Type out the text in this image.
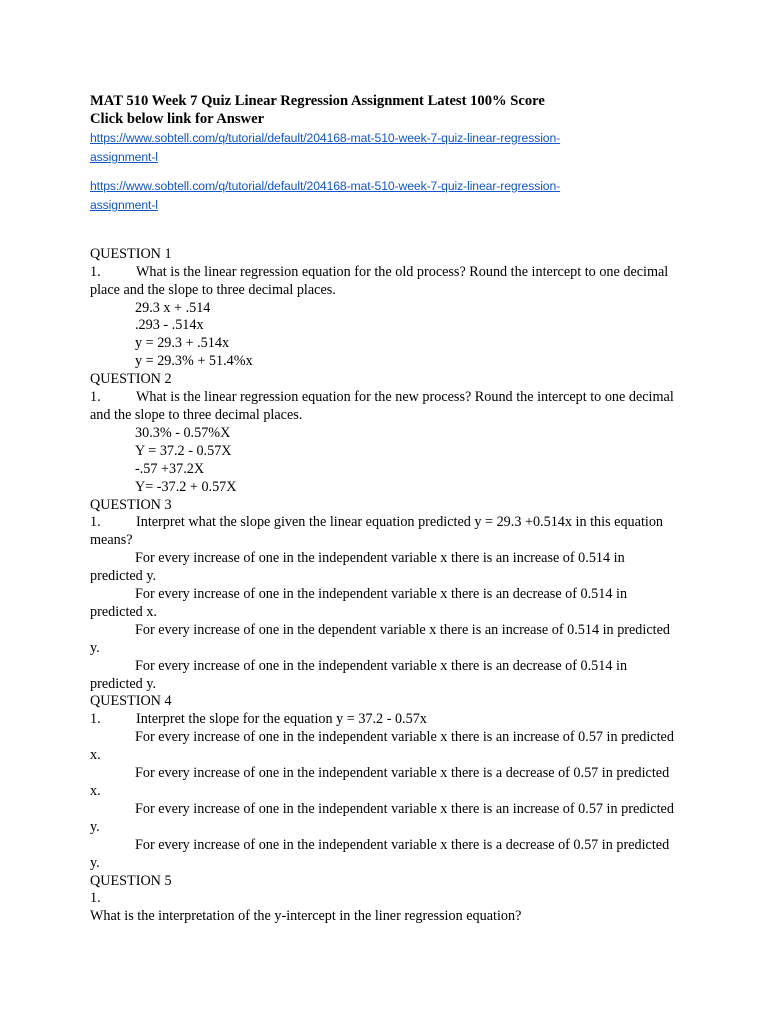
MAT 510 Week 7 Quiz Linear Regression Assignment Latest 100% Score

Click below link for Answer

https://www.sobtell.com/q/tutorial/default/204168-mat-510-week-7-quiz-linear-regression-
assignment-l
https://www.sobtell.com/q/tutorial/default/204168-mat-510-week-7-quiz-linear-regression-
assignment-l

QUESTION 1

1. What is the linear regression equation for the old process? Round the intercept to one decimal place and the slope to three decimal places.

29.3 x + .514

.293 - .514x

y = 29.3 + .514x

y = 29.3% + 51.4%x

QUESTION 2

1. What is the linear regression equation for the new process? Round the intercept to one decimal and the slope to three decimal places.

30.3% - 0.57%X

Y = 37.2 - 0.57X

-.57 +37.2X

Y= -37.2 + 0.57X

QUESTION 3

1. Interpret what the slope given the linear equation predicted y = 29.3 +0.514x in this equation means?

For every increase of one in the independent variable x there is an increase of 0.514 in predicted y.

For every increase of one in the independent variable x there is an decrease of 0.514 in predicted x.

For every increase of one in the dependent variable x there is an increase of 0.514 in predicted y.

For every increase of one in the independent variable x there is an decrease of 0.514 in predicted y.

QUESTION 4

1. Interpret the slope for the equation y = 37.2 - 0.57x

For every increase of one in the independent variable x there is an increase of 0.57 in predicted x.

For every increase of one in the independent variable x there is a decrease of 0.57 in predicted x.

For every increase of one in the independent variable x there is an increase of 0.57 in predicted y.

For every increase of one in the independent variable x there is a decrease of 0.57 in predicted y.

QUESTION 5

1.

What is the interpretation of the y-intercept in the liner regression equation?
